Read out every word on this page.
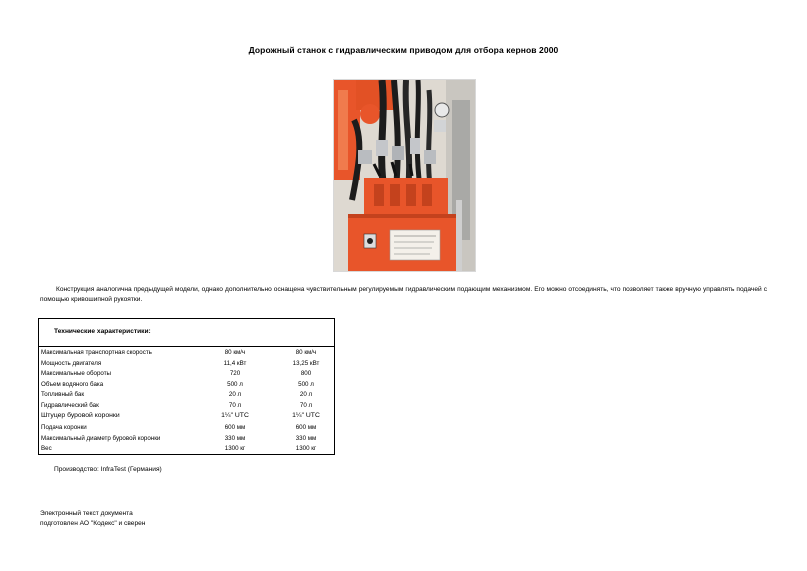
Дорожный станок с гидравлическим приводом для отбора кернов 2000
Конструкция аналогична предыдущей модели, однако дополнительно оснащена чувствительным регулируемым гидравлическим подающим механизмом. Его можно отсоединять, что позволяет также вручную управлять подачей с помощью кривошипной рукоятки.
Технические характеристики:
Максимальная транспортная скорость	80 км/ч	80 км/ч
Мощность двигателя	11,4 кВт	13,25 кВт
Максимальные обороты	720	800
Объем водяного бака	500 л	500 л
Топливный бак	20 л	20 л
Гидравлический бак	70 л	70 л
Штуцер буровой коронки	1¼" UTC	1¼" UTC
Подача коронки	600 мм	600 мм
Максимальный диаметр буровой коронки	330 мм	330 мм
Вес	1300 кг	1300 кг
Производство: InfraTest (Германия)
Электронный текст документа
подготовлен АО "Кодекс" и сверен
